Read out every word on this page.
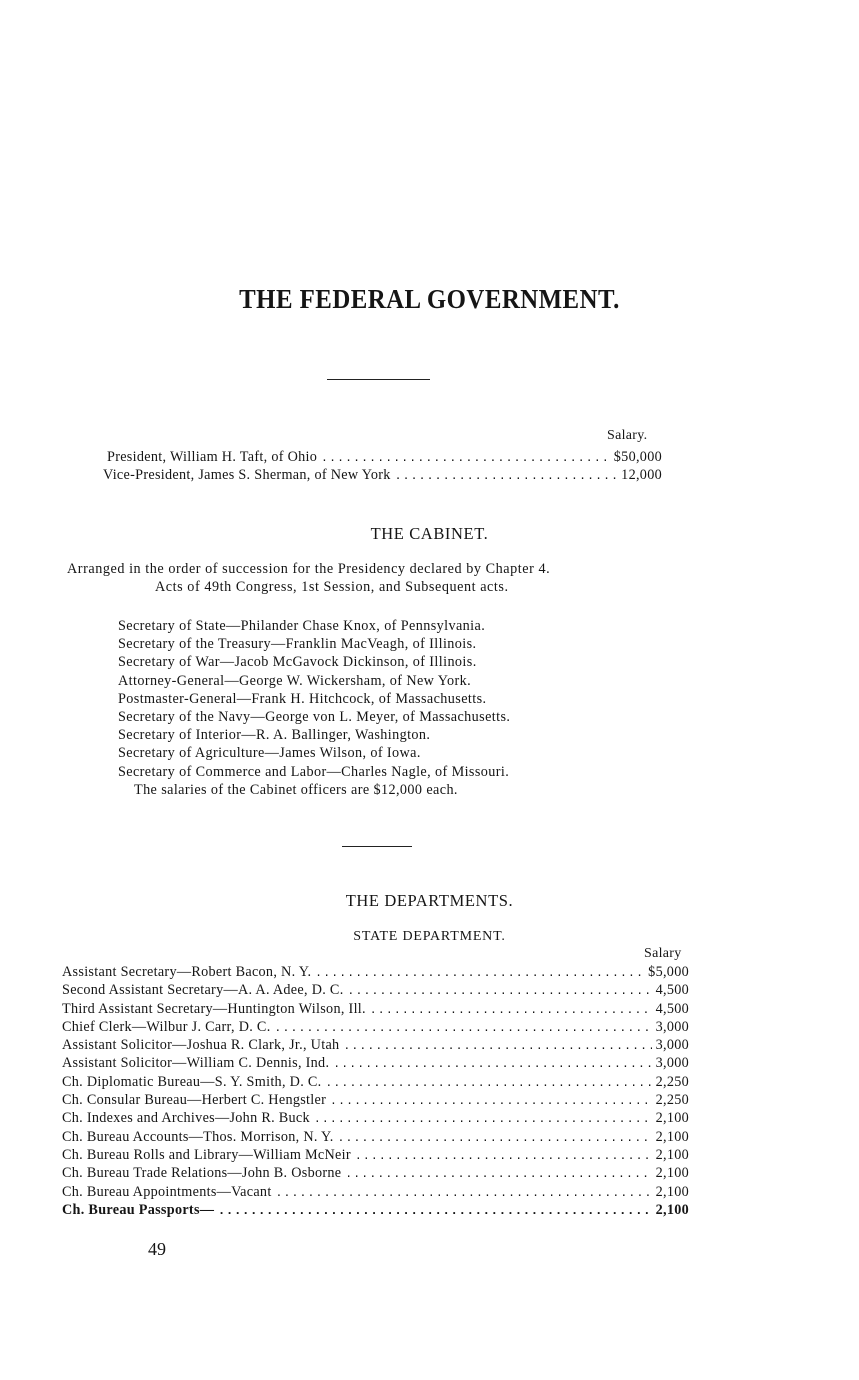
THE FEDERAL GOVERNMENT.
Salary.
President, William H. Taft, of Ohio .....	$50,000
Vice-President, James S. Sherman, of New York .....	12,000
THE CABINET.
Arranged in the order of succession for the Presidency declared by Chapter 4.
Acts of 49th Congress, 1st Session, and Subsequent acts.
Secretary of State—Philander Chase Knox, of Pennsylvania.
Secretary of the Treasury—Franklin MacVeagh, of Illinois.
Secretary of War—Jacob McGavock Dickinson, of Illinois.
Attorney-General—George W. Wickersham, of New York.
Postmaster-General—Frank H. Hitchcock, of Massachusetts.
Secretary of the Navy—George von L. Meyer, of Massachusetts.
Secretary of Interior—R. A. Ballinger, Washington.
Secretary of Agriculture—James Wilson, of Iowa.
Secretary of Commerce and Labor—Charles Nagle, of Missouri.
The salaries of the Cabinet officers are $12,000 each.
THE DEPARTMENTS.
STATE DEPARTMENT.
Salary
Assistant Secretary—Robert Bacon, N. Y. .....	$5,000
Second Assistant Secretary—A. A. Adee, D. C. .....	4,500
Third Assistant Secretary—Huntington Wilson, Ill. .....	4,500
Chief Clerk—Wilbur J. Carr, D. C. .....	3,000
Assistant Solicitor—Joshua R. Clark, Jr., Utah .....	3,000
Assistant Solicitor—William C. Dennis, Ind. .....	3,000
Ch. Diplomatic Bureau—S. Y. Smith, D. C. .....	2,250
Ch. Consular Bureau—Herbert C. Hengstler .....	2,250
Ch. Indexes and Archives—John R. Buck .....	2,100
Ch. Bureau Accounts—Thos. Morrison, N. Y. .....	2,100
Ch. Bureau Rolls and Library—William McNeir .....	2,100
Ch. Bureau Trade Relations—John B. Osborne .....	2,100
Ch. Bureau Appointments—Vacant .....	2,100
Ch. Bureau Passports— .....	2,100
49
